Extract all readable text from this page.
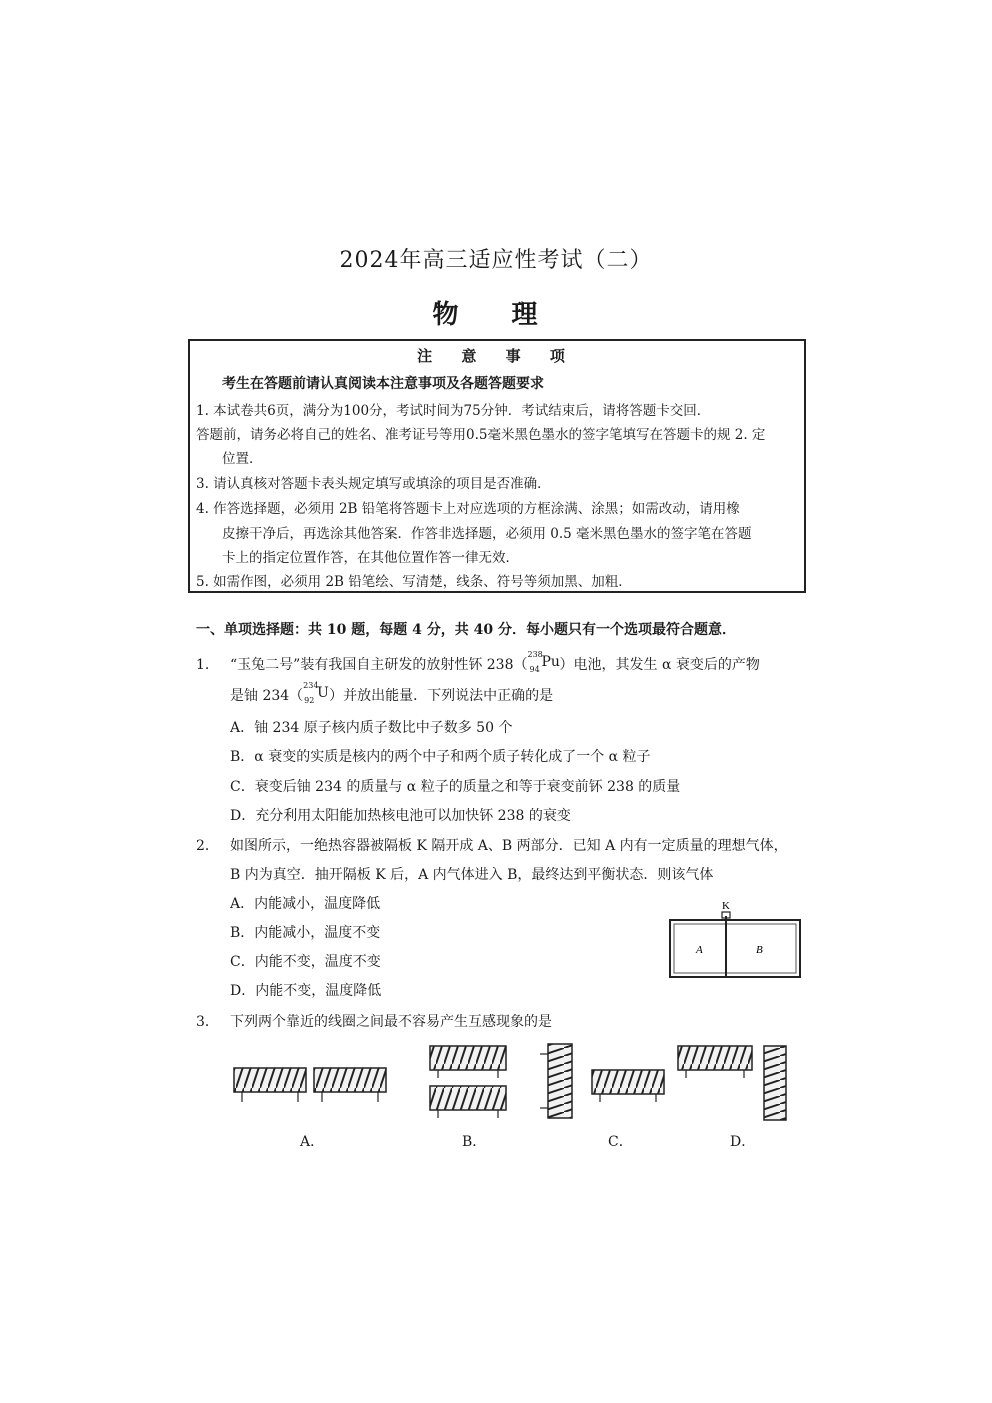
2024年高三适应性考试（二）
物 理
注 意 事 项
考生在答题前请认真阅读本注意事项及各题答题要求
1. 本试卷共6页，满分为100分，考试时间为75分钟．考试结束后，请将答题卡交回．
答题前，请务必将自己的姓名、准考证号等用0.5毫米黑色墨水的签字笔填写在答题卡的规 2. 定
位置．
3. 请认真核对答题卡表头规定填写或填涂的项目是否准确．
4. 作答选择题，必须用 2B 铅笔将答题卡上对应选项的方框涂满、涂黑；如需改动，请用橡
皮擦干净后，再选涂其他答案．作答非选择题，必须用 0.5 毫米黑色墨水的签字笔在答题
卡上的指定位置作答，在其他位置作答一律无效．
5. 如需作图，必须用 2B 铅笔绘、写清楚，线条、符号等须加黑、加粗．
一、单项选择题：共 10 题，每题 4 分，共 40 分．每小题只有一个选项最符合题意．
1． “玉兔二号”装有我国自主研发的放射性钚 238（
238
94 Pu ）电池，其发生 α 衰变后的产物
是铀 234（
234
92 U ）并放出能量．下列说法中正确的是
A．铀 234 原子核内质子数比中子数多 50 个
B．α 衰变的实质是核内的两个中子和两个质子转化成了一个 α 粒子
C．衰变后铀 234 的质量与 α 粒子的质量之和等于衰变前钚 238 的质量
D．充分利用太阳能加热核电池可以加快钚 238 的衰变
2． 如图所示，一绝热容器被隔板 K 隔开成 A、B 两部分．已知 A 内有一定质量的理想气体，
B 内为真空．抽开隔板 K 后，A 内气体进入 B，最终达到平衡状态．则该气体
A．内能减小，温度降低
B．内能减小，温度不变
C．内能不变，温度不变
D．内能不变，温度降低
K
A	B
3． 下列两个靠近的线圈之间最不容易产生互感现象的是
A．	B．	C．	D．
